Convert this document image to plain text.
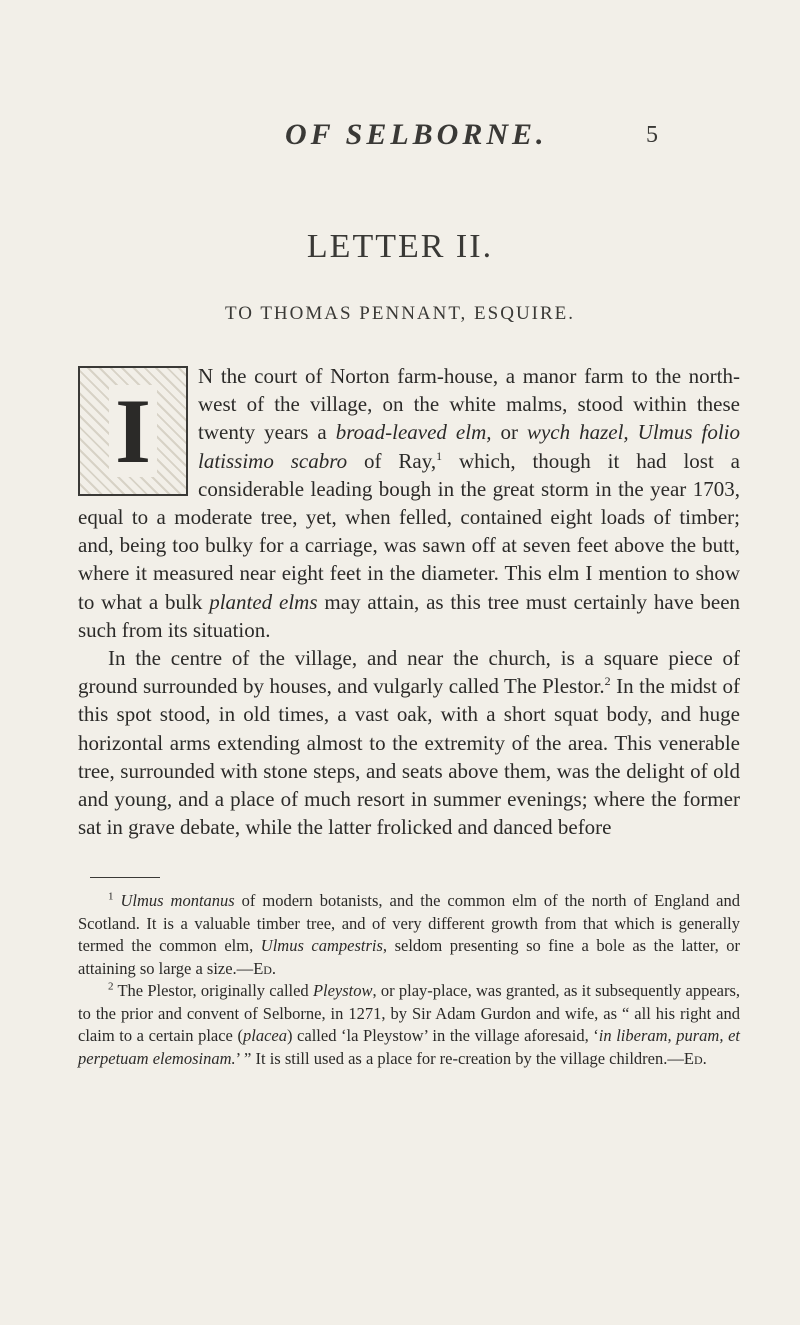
OF SELBORNE.	5
LETTER II.
TO THOMAS PENNANT, ESQUIRE.
I

N the court of Norton farm-house, a manor farm to the north-west of the village, on the white malms, stood within these twenty years a broad-leaved elm, or wych hazel, Ulmus folio latissimo scabro of Ray,$^1$ which, though it had lost a considerable leading bough in the great storm in the year 1703, equal to a moderate tree, yet, when felled, contained eight loads of timber; and, being too bulky for a carriage, was sawn off at seven feet above the butt, where it measured near eight feet in the diameter. This elm I mention to show to what a bulk planted elms may attain, as this tree must certainly have been such from its situation.

In the centre of the village, and near the church, is a square piece of ground surrounded by houses, and vulgarly called The Plestor.$^2$ In the midst of this spot stood, in old times, a vast oak, with a short squat body, and huge horizontal arms extending almost to the extremity of the area. This venerable tree, surrounded with stone steps, and seats above them, was the delight of old and young, and a place of much resort in summer evenings; where the former sat in grave debate, while the latter frolicked and danced before

$^1$ Ulmus montanus of modern botanists, and the common elm of the north of England and Scotland. It is a valuable timber tree, and of very different growth from that which is generally termed the common elm, Ulmus campestris, seldom presenting so fine a bole as the latter, or attaining so large a size.—Ed.

$^2$ The Plestor, originally called Pleystow, or play-place, was granted, as it subsequently appears, to the prior and convent of Selborne, in 1271, by Sir Adam Gurdon and wife, as “ all his right and claim to a certain place (placea) called ‘la Pleystow’ in the village aforesaid, ‘in liberam, puram, et perpetuam elemosinam.’ ” It is still used as a place for re-creation by the village children.—Ed.
